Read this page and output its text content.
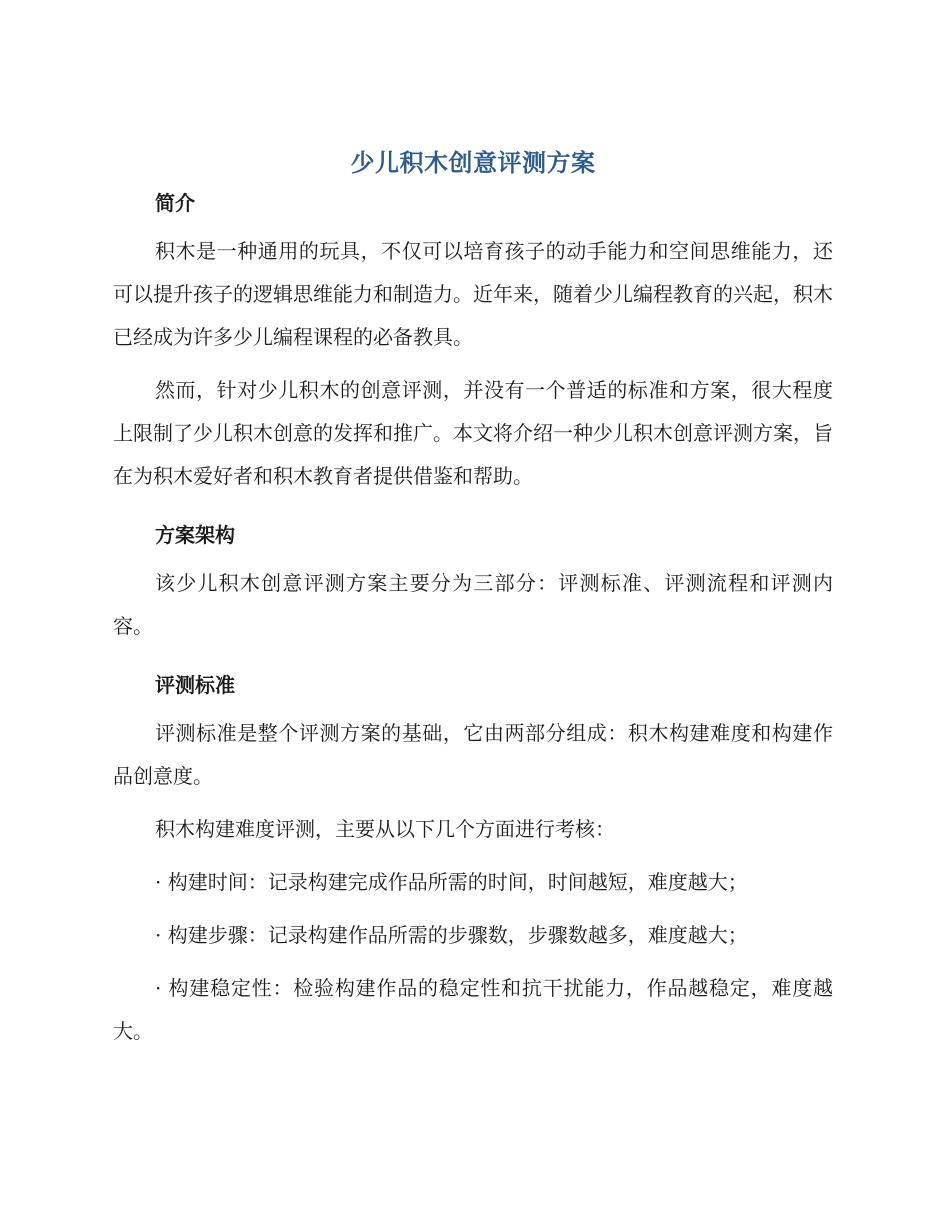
少儿积木创意评测方案
简介

积木是一种通用的玩具，不仅可以培育孩子的动手能力和空间思维能力，还可以提升孩子的逻辑思维能力和制造力。近年来，随着少儿编程教育的兴起，积木已经成为许多少儿编程课程的必备教具。

然而，针对少儿积木的创意评测，并没有一个普适的标准和方案，很大程度上限制了少儿积木创意的发挥和推广。本文将介绍一种少儿积木创意评测方案，旨在为积木爱好者和积木教育者提供借鉴和帮助。

方案架构

该少儿积木创意评测方案主要分为三部分：评测标准、评测流程和评测内容。

评测标准

评测标准是整个评测方案的基础，它由两部分组成：积木构建难度和构建作品创意度。

积木构建难度评测，主要从以下几个方面进行考核：

· 构建时间：记录构建完成作品所需的时间，时间越短，难度越大；

· 构建步骤：记录构建作品所需的步骤数，步骤数越多，难度越大；

· 构建稳定性：检验构建作品的稳定性和抗干扰能力，作品越稳定，难度越大。
